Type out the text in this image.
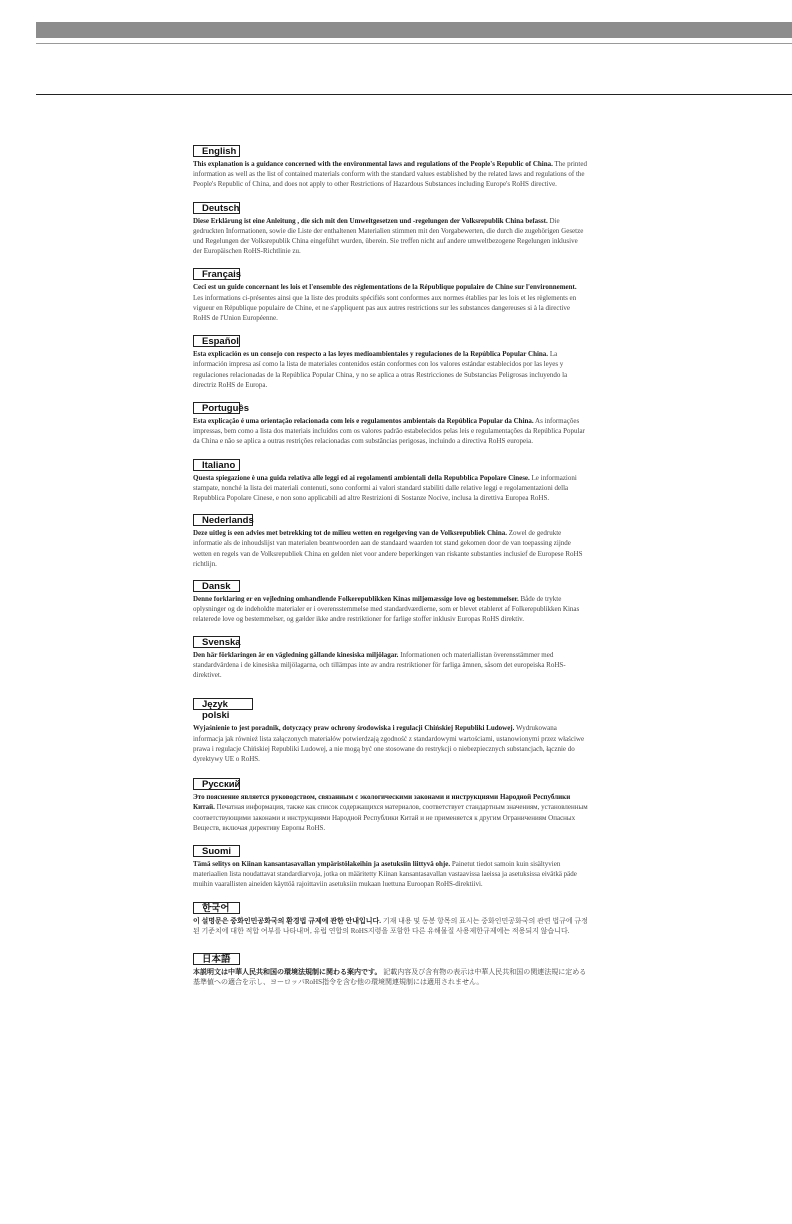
English

This explanation is a guidance concerned with the environmental laws and regulations of the People's Republic of China. The printed information as well as the list of contained materials conform with the standard values established by the related laws and regulations of the People's Republic of China, and does not apply to other Restrictions of Hazardous Substances including Europe's RoHS directive.

Deutsch

Diese Erklärung ist eine Anleitung , die sich mit den Umweltgesetzen und -regelungen der Volksrepublik China befasst. Die gedruckten Informationen, sowie die Liste der enthaltenen Materialien stimmen mit den Vorgabewerten, die durch die zugehörigen Gesetze und Regelungen der Volksrepublik China eingeführt wurden, überein. Sie treffen nicht auf andere umweltbezogene Regelungen inklusive der Europäischen RoHS-Richtlinie zu.

Français

Ceci est un guide concernant les lois et l'ensemble des réglementations de la République populaire de Chine sur l'environnement. Les informations ci-présentes ainsi que la liste des produits spécifiés sont conformes aux normes établies par les lois et les règlements en vigueur en République populaire de Chine, et ne s'appliquent pas aux autres restrictions sur les substances dangereuses si à la directive RoHS de l'Union Européenne.

Español

Esta explicación es un consejo con respecto a las leyes medioambientales y regulaciones de la República Popular China. La información impresa así como la lista de materiales contenidos están conformes con los valores estándar establecidos por las leyes y regulaciones relacionadas de la República Popular China, y no se aplica a otras Restricciones de Substancias Peligrosas incluyendo la directriz RoHS de Europa.

Português

Esta explicação é uma orientação relacionada com leis e regulamentos ambientais da República Popular da China. As informações impressas, bem como a lista dos materiais incluídos com os valores padrão estabelecidos pelas leis e regulamentações da República Popular da China e não se aplica a outras restrições relacionadas com substâncias perigosas, incluindo a directiva RoHS europeia.

Italiano

Questa spiegazione è una guida relativa alle leggi ed ai regolamenti ambientali della Repubblica Popolare Cinese. Le informazioni stampate, nonché la lista dei materiali contenuti, sono conformi ai valori standard stabiliti dalle relative leggi e regolamentazioni della Repubblica Popolare Cinese, e non sono applicabili ad altre Restrizioni di Sostanze Nocive, inclusa la direttiva Europea RoHS.

Nederlands

Deze uitleg is een advies met betrekking tot de milieu wetten en regelgeving van de Volksrepubliek China. Zowel de gedrukte informatie als de inhoudslijst van materialen beantwoorden aan de standaard waarden tot stand gekomen door de van toepassing zijnde wetten en regels van de Volksrepubliek China en gelden niet voor andere beperkingen van riskante substanties inclusief de Europese RoHS richtlijn.

Dansk

Denne forklaring er en vejledning omhandlende Folkerepublikken Kinas miljømæssige love og bestemmelser. Både de trykte oplysninger og de indeholdte materialer er i overensstemmelse med standardværdierne, som er blevet etableret af Folkerepublikken Kinas relaterede love og bestemmelser, og gælder ikke andre restriktioner for farlige stoffer inklusiv Europas RoHS direktiv.

Svenska

Den här förklaringen är en vägledning gällande kinesiska miljölagar. Informationen och materiallistan överensstämmer med standardvärdena i de kinesiska miljölagarna, och tillämpas inte av andra restriktioner för farliga ämnen, såsom det europeiska RoHS-direktivet.

Język polski

Wyjaśnienie to jest poradnik, dotyczący praw ochrony środowiska i regulacji Chińskiej Republiki Ludowej. Wydrukowana informacja jak również lista załączonych materiałów potwierdzają zgodność z standardowymi wartościami, ustanowionymi przez właściwe prawa i regulacje Chińskiej Republiki Ludowej, a nie mogą być one stosowane do restrykcji o niebezpiecznych substancjach, łącznie do dyrektywy UE o RoHS.

Русский

Это пояснение является руководством, связанным с экологическими законами и инструкциями Народной Республики Китай. Печатная информация, также как список содержащихся материалов, соответствует стандартным значениям, установленным соответствующими законами и инструкциями Народной Республики Китай и не применяется к другим Ограничениям Опасных Веществ, включая директиву Европы RoHS.

Suomi

Tämä selitys on Kiinan kansantasavallan ympäristölakeihin ja asetuksiin liittyvä ohje. Painetut tiedot samoin kuin sisältyvien materiaalien lista noudattavat standardiarvoja, jotka on määritetty Kiinan kansantasavallan vastaavissa laeissa ja asetuksissa eivätkä päde muihin vaarallisten aineiden käyttöä rajoittaviin asetuksiin mukaan luettuna Euroopan RoHS-direktiivi.

한국어

이 설명문은 중화인민공화국의 환경법 규제에 관한 안내입니다. 기재 내용 및 동봉 항목의 표시는 중화인민공화국의 관련 법규에 규정된 기준치에 대한 적합 여부를 나타내며, 유럽 연합의 RoHS지령을 포함한 다른 유해물질 사용제한규제에는 적용되지 않습니다.

日本語

本説明文は中華人民共和国の環境法規制に関わる案内です。 記載内容及び含有物の表示は中華人民共和国の関連法規に定める基準値への適合を示し、ヨーロッパRoHS指令を含む他の環境関連規制には適用されません。
